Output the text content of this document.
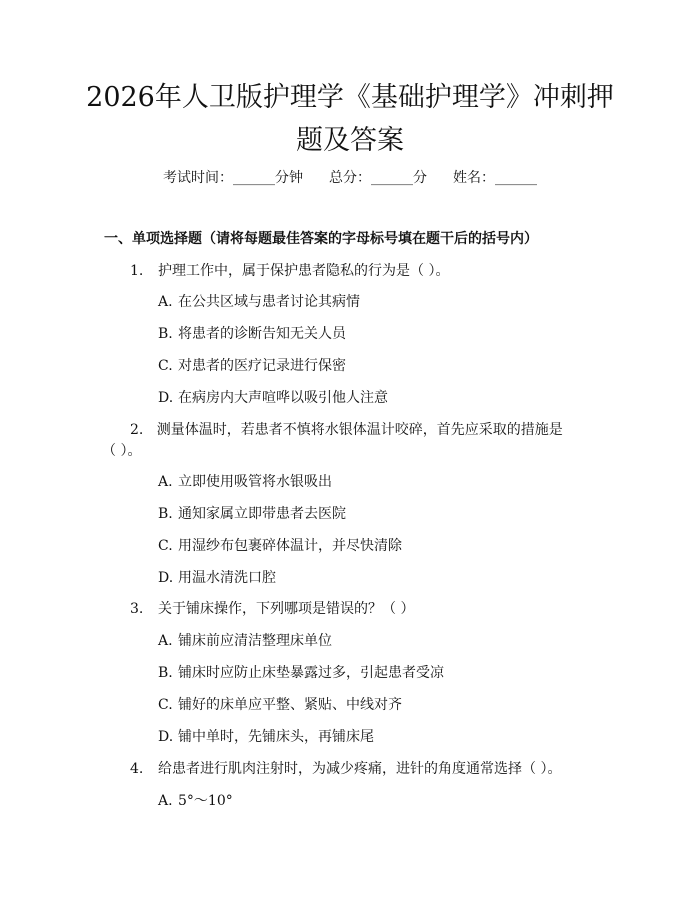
2026年人卫版护理学《基础护理学》冲刺押题及答案
考试时间：______分钟 总分：______分 姓名：______
一、单项选择题（请将每题最佳答案的字母标号填在题干后的括号内）
1. 护理工作中，属于保护患者隐私的行为是（ ）。
A. 在公共区域与患者讨论其病情
B. 将患者的诊断告知无关人员
C. 对患者的医疗记录进行保密
D. 在病房内大声喧哗以吸引他人注意
2. 测量体温时，若患者不慎将水银体温计咬碎，首先应采取的措施是（ ）。
A. 立即使用吸管将水银吸出
B. 通知家属立即带患者去医院
C. 用湿纱布包裹碎体温计，并尽快清除
D. 用温水清洗口腔
3. 关于铺床操作，下列哪项是错误的？（ ）
A. 铺床前应清洁整理床单位
B. 铺床时应防止床垫暴露过多，引起患者受凉
C. 铺好的床单应平整、紧贴、中线对齐
D. 铺中单时，先铺床头，再铺床尾
4. 给患者进行肌肉注射时，为减少疼痛，进针的角度通常选择（ ）。
A. 5°～10°
